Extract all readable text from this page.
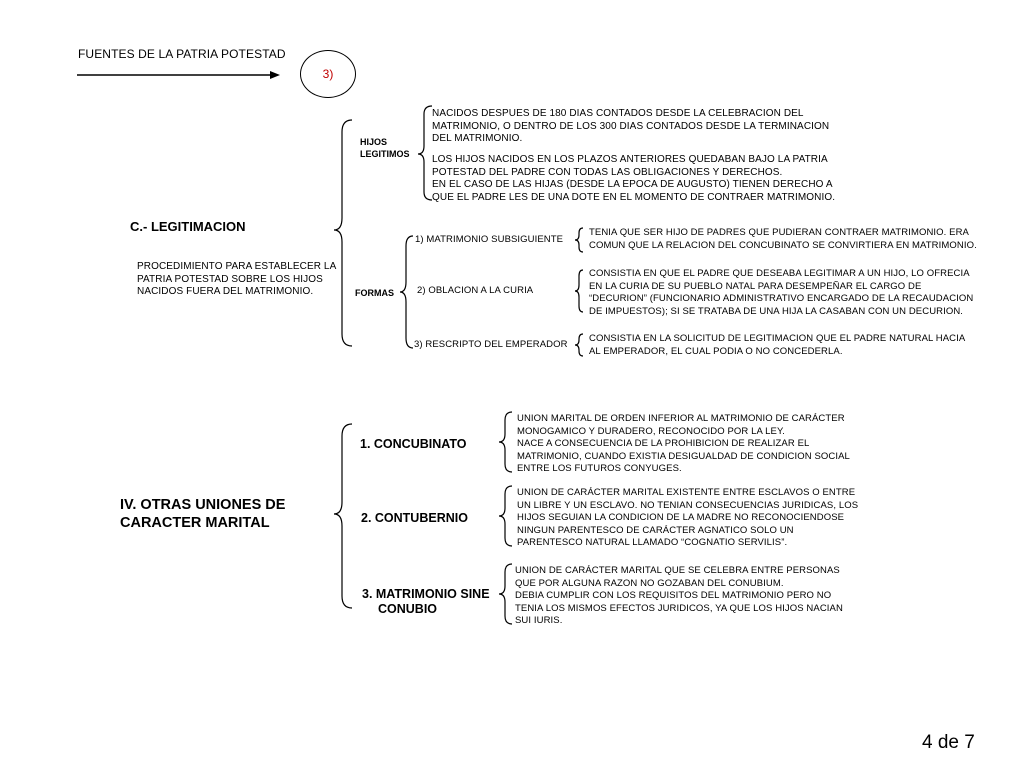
FUENTES DE LA PATRIA POTESTAD
3)
C.- LEGITIMACION
PROCEDIMIENTO PARA ESTABLECER LA
PATRIA POTESTAD SOBRE LOS HIJOS
NACIDOS FUERA DEL MATRIMONIO.
HIJOS
LEGITIMOS
NACIDOS DESPUES DE 180 DIAS CONTADOS DESDE LA CELEBRACION DEL
MATRIMONIO, O DENTRO DE LOS 300 DIAS CONTADOS DESDE LA TERMINACION
DEL MATRIMONIO.
LOS HIJOS NACIDOS EN LOS PLAZOS ANTERIORES QUEDABAN BAJO LA PATRIA
POTESTAD DEL PADRE CON TODAS LAS OBLIGACIONES Y DERECHOS.
EN EL CASO DE LAS HIJAS (DESDE LA EPOCA DE AUGUSTO) TIENEN DERECHO A
QUE EL PADRE LES DE UNA DOTE EN EL MOMENTO DE CONTRAER MATRIMONIO.
FORMAS
1) MATRIMONIO SUBSIGUIENTE
TENIA QUE SER HIJO DE PADRES QUE PUDIERAN CONTRAER MATRIMONIO. ERA
COMUN QUE LA RELACION DEL CONCUBINATO SE CONVIRTIERA EN MATRIMONIO.
2) OBLACION A LA CURIA
CONSISTIA EN QUE EL PADRE QUE DESEABA LEGITIMAR A UN HIJO, LO OFRECIA
EN LA CURIA DE SU PUEBLO NATAL PARA DESEMPEÑAR EL CARGO DE
“DECURION” (FUNCIONARIO ADMINISTRATIVO ENCARGADO DE LA RECAUDACION
DE IMPUESTOS); SI SE TRATABA DE UNA HIJA LA CASABAN CON UN DECURION.
3) RESCRIPTO DEL EMPERADOR
CONSISTIA EN LA SOLICITUD DE LEGITIMACION QUE EL PADRE NATURAL HACIA
AL EMPERADOR, EL CUAL PODIA O NO CONCEDERLA.
IV. OTRAS UNIONES DE
CARACTER MARITAL
1. CONCUBINATO
UNION MARITAL DE ORDEN INFERIOR AL MATRIMONIO DE CARÁCTER
MONOGAMICO Y DURADERO, RECONOCIDO POR LA LEY.
NACE A CONSECUENCIA DE LA PROHIBICION DE REALIZAR EL
MATRIMONIO, CUANDO EXISTIA DESIGUALDAD DE CONDICION SOCIAL
ENTRE LOS FUTUROS CONYUGES.
2. CONTUBERNIO
UNION DE CARÁCTER MARITAL EXISTENTE ENTRE ESCLAVOS O ENTRE
UN LIBRE Y UN ESCLAVO. NO TENIAN CONSECUENCIAS JURIDICAS, LOS
HIJOS SEGUIAN LA CONDICION DE LA MADRE NO RECONOCIENDOSE
NINGUN PARENTESCO DE CARÁCTER AGNATICO SOLO UN
PARENTESCO NATURAL LLAMADO “COGNATIO SERVILIS”.
3. MATRIMONIO SINE
CONUBIO
UNION DE CARÁCTER MARITAL QUE SE CELEBRA ENTRE PERSONAS
QUE POR ALGUNA RAZON NO GOZABAN DEL CONUBIUM.
DEBIA CUMPLIR CON LOS REQUISITOS DEL MATRIMONIO PERO NO
TENIA LOS MISMOS EFECTOS JURIDICOS, YA QUE LOS HIJOS NACIAN
SUI IURIS.
4 de 7
